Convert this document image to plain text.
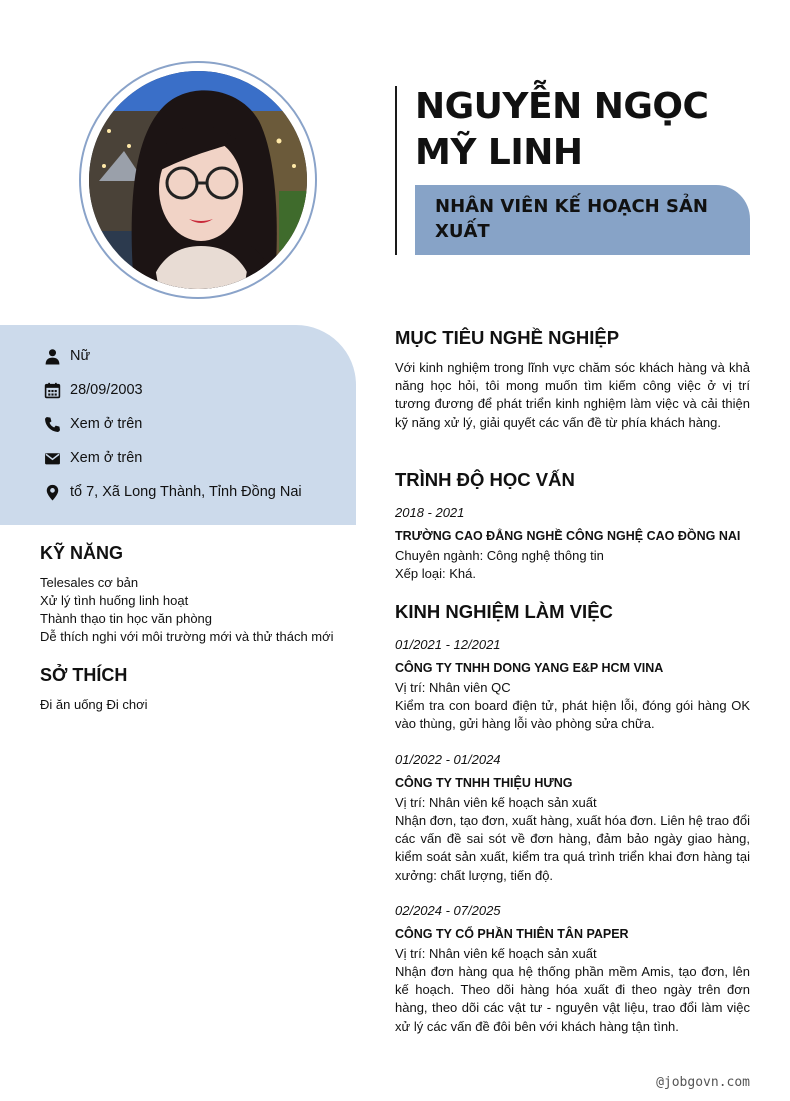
NGUYỄN NGỌC MỸ LINH
NHÂN VIÊN KẾ HOẠCH SẢN XUẤT
Nữ
28/09/2003
Xem ở trên
Xem ở trên
tổ 7, Xã Long Thành, Tỉnh Đồng Nai
KỸ NĂNG
Telesales cơ bản
Xử lý tình huống linh hoạt
Thành thạo tin học văn phòng
Dễ thích nghi với môi trường mới và thử thách mới
SỞ THÍCH
Đi ăn uống Đi chơi
MỤC TIÊU NGHỀ NGHIỆP
Với kinh nghiệm trong lĩnh vực chăm sóc khách hàng và khả năng học hỏi, tôi mong muốn tìm kiếm công việc ở vị trí tương đương để phát triển kinh nghiệm làm việc và cải thiện kỹ năng xử lý, giải quyết các vấn đề từ phía khách hàng.
TRÌNH ĐỘ HỌC VẤN
2018 - 2021
TRƯỜNG CAO ĐẲNG NGHỀ CÔNG NGHỆ CAO ĐỒNG NAI
Chuyên ngành: Công nghệ thông tin
Xếp loại: Khá.
KINH NGHIỆM LÀM VIỆC
01/2021 - 12/2021
CÔNG TY TNHH DONG YANG E&P HCM VINA
Vị trí: Nhân viên QC
Kiểm tra con board điện tử, phát hiện lỗi, đóng gói hàng OK vào thùng, gửi hàng lỗi vào phòng sửa chữa.
01/2022 - 01/2024
CÔNG TY TNHH THIỆU HƯNG
Vị trí: Nhân viên kế hoạch sản xuất
Nhận đơn, tạo đơn, xuất hàng, xuất hóa đơn. Liên hệ trao đổi các vấn đề sai sót về đơn hàng, đảm bảo ngày giao hàng, kiểm soát sản xuất, kiểm tra quá trình triển khai đơn hàng tại xưởng: chất lượng, tiến độ.
02/2024 - 07/2025
CÔNG TY CỔ PHẦN THIÊN TÂN PAPER
Vị trí: Nhân viên kế hoạch sản xuất
Nhận đơn hàng qua hệ thống phần mềm Amis, tạo đơn, lên kế hoạch. Theo dõi hàng hóa xuất đi theo ngày trên đơn hàng, theo dõi các vật tư - nguyên vật liệu, trao đổi làm việc xử lý các vấn đề đôi bên với khách hàng tận tình.
@jobgovn.com
